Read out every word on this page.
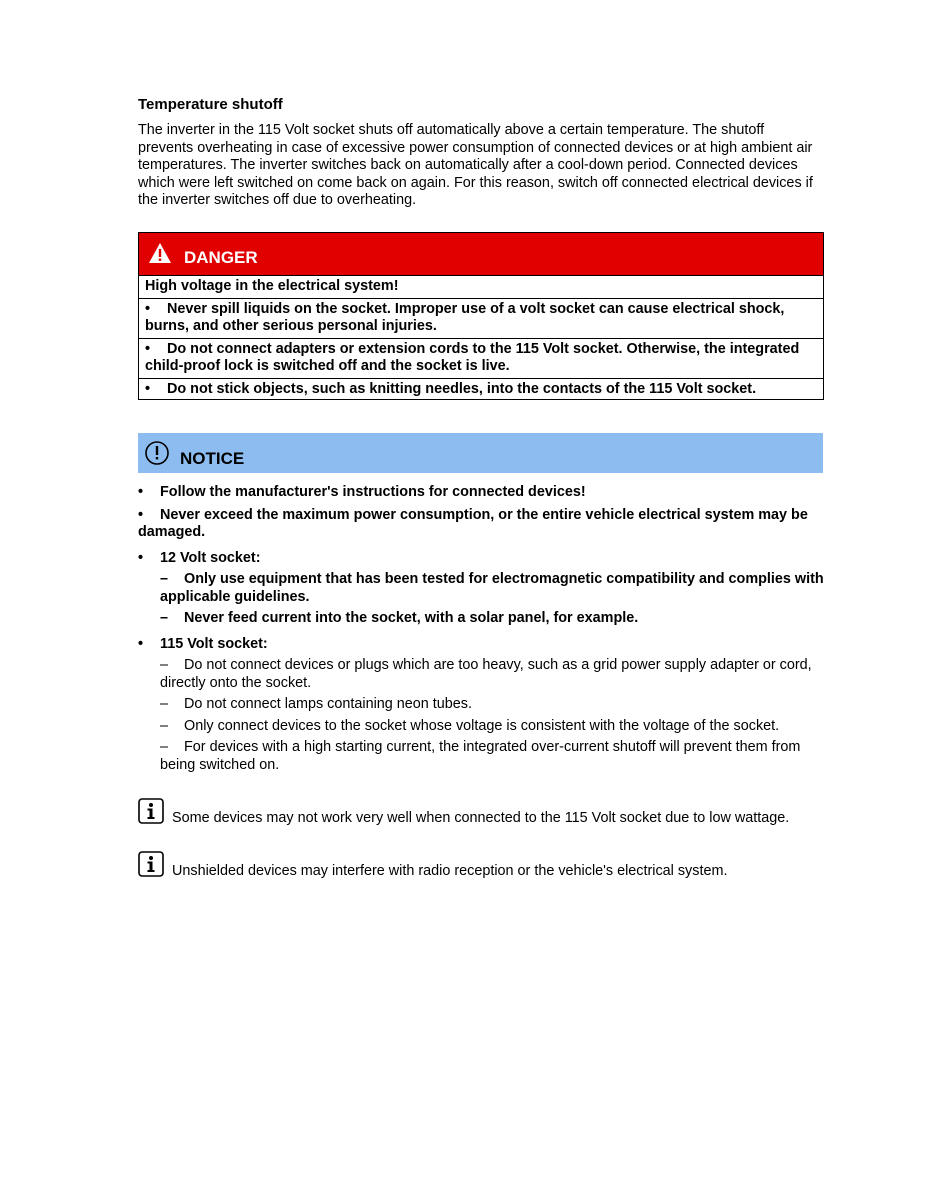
Temperature shutoff

The inverter in the 115 Volt socket shuts off automatically above a certain temperature. The shutoff prevents overheating in case of excessive power consumption of connected devices or at high ambient air temperatures. The inverter switches back on automatically after a cool-down period. Connected devices which were left switched on come back on again. For this reason, switch off connected electrical devices if the inverter switches off due to overheating.

DANGER
High voltage in the electrical system!
• Never spill liquids on the socket. Improper use of a volt socket can cause electrical shock, burns, and other serious personal injuries.
• Do not connect adapters or extension cords to the 115 Volt socket. Otherwise, the integrated child-proof lock is switched off and the socket is live.
• Do not stick objects, such as knitting needles, into the contacts of the 115 Volt socket.
NOTICE
• Follow the manufacturer's instructions for connected devices!
• Never exceed the maximum power consumption, or the entire vehicle electrical system may be damaged.
• 12 Volt socket:
– Only use equipment that has been tested for electromagnetic compatibility and complies with applicable guidelines.
– Never feed current into the socket, with a solar panel, for example.
• 115 Volt socket:
– Do not connect devices or plugs which are too heavy, such as a grid power supply adapter or cord, directly onto the socket.
– Do not connect lamps containing neon tubes.
– Only connect devices to the socket whose voltage is consistent with the voltage of the socket.
– For devices with a high starting current, the integrated over-current shutoff will prevent them from being switched on.
Some devices may not work very well when connected to the 115 Volt socket due to low wattage.
Unshielded devices may interfere with radio reception or the vehicle's electrical system.
